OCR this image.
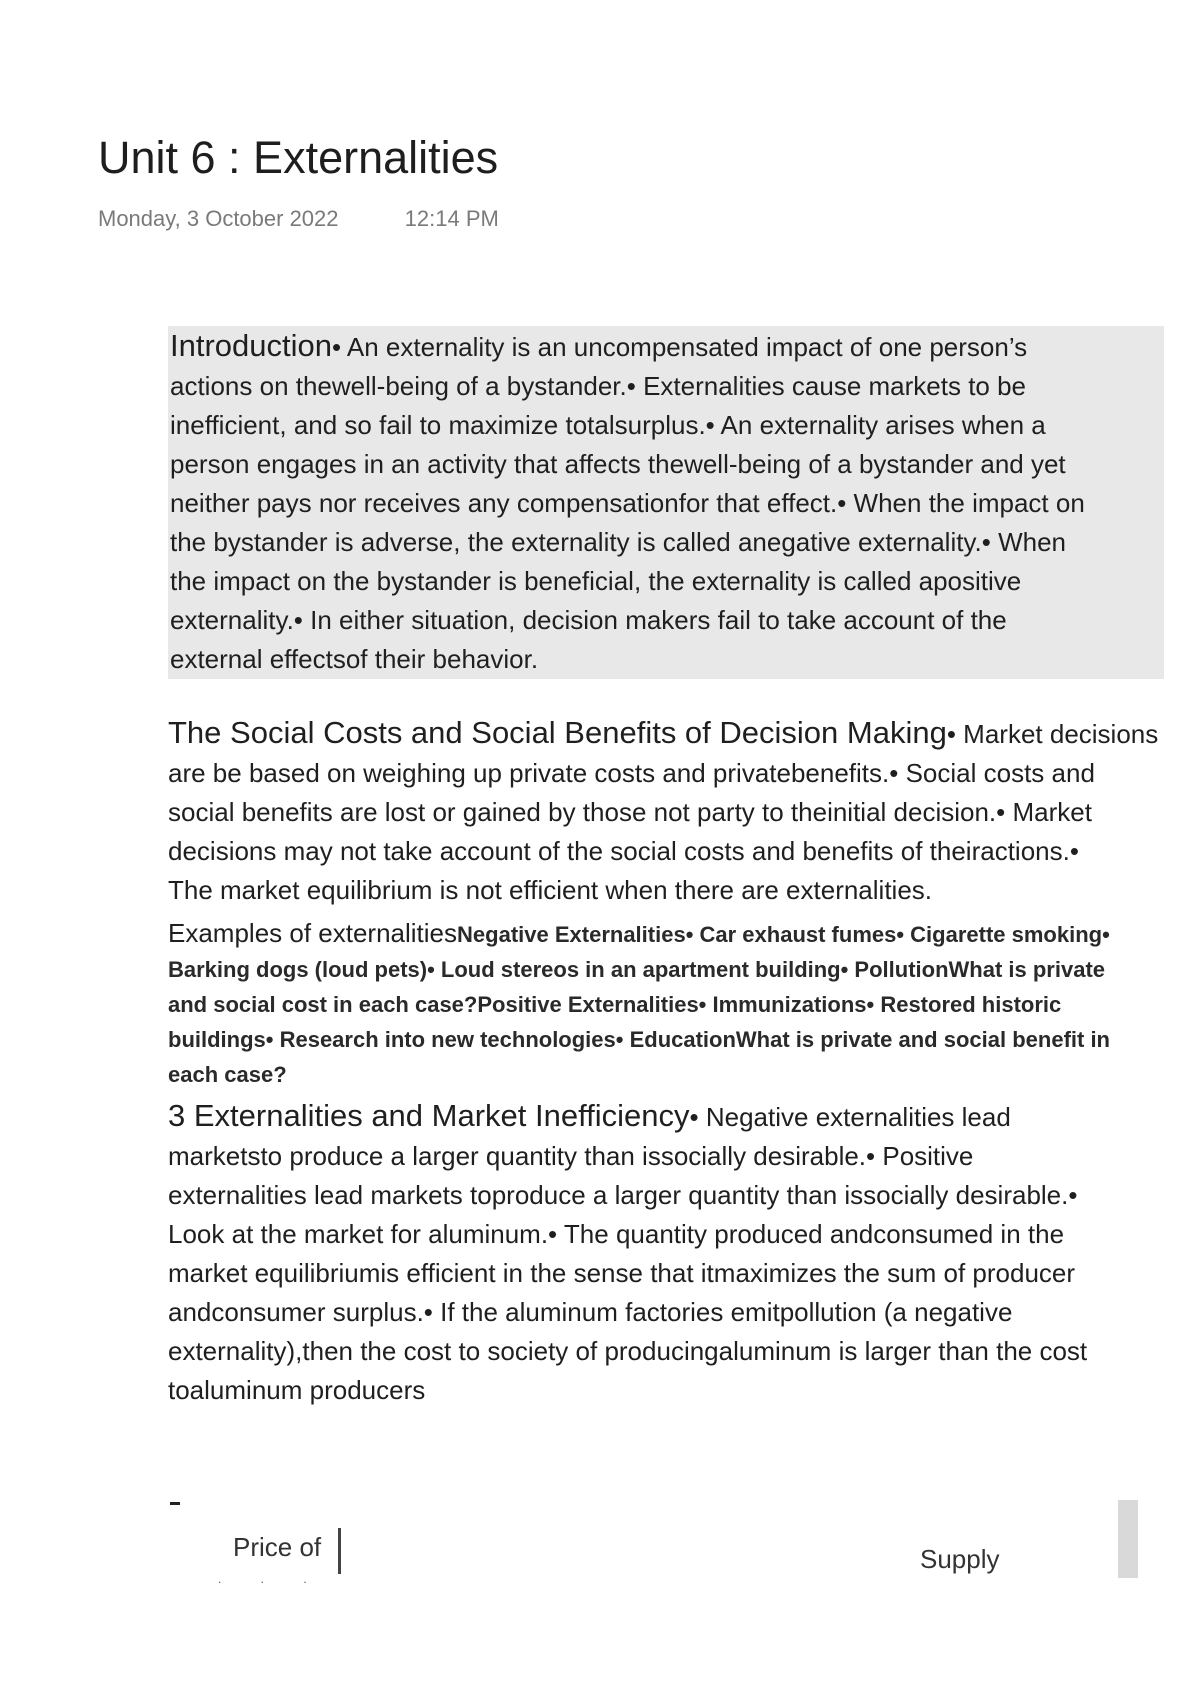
Unit 6 : Externalities
Monday, 3 October 2022	12:14 PM
Introduction• An externality is an uncompensated impact of one person’s
actions on thewell-being of a bystander.• Externalities cause markets to be
inefficient, and so fail to maximize totalsurplus.• An externality arises when a
person engages in an activity that affects thewell-being of a bystander and yet
neither pays nor receives any compensationfor that effect.• When the impact on
the bystander is adverse, the externality is called anegative externality.• When
the impact on the bystander is beneficial, the externality is called apositive
externality.• In either situation, decision makers fail to take account of the
external effectsof their behavior.
The Social Costs and Social Benefits of Decision Making• Market decisions
are be based on weighing up private costs and privatebenefits.• Social costs and
social benefits are lost or gained by those not party to theinitial decision.• Market
decisions may not take account of the social costs and benefits of theiractions.•
The market equilibrium is not efficient when there are externalities.
Examples of externalitiesNegative Externalities• Car exhaust fumes• Cigarette smoking•
Barking dogs (loud pets)• Loud stereos in an apartment building• PollutionWhat is private
and social cost in each case?Positive Externalities• Immunizations• Restored historic
buildings• Research into new technologies• EducationWhat is private and social benefit in
each case?
3 Externalities and Market Inefficiency• Negative externalities lead
marketsto produce a larger quantity than issocially desirable.• Positive
externalities lead markets toproduce a larger quantity than issocially desirable.•
Look at the market for aluminum.• The quantity produced andconsumed in the
market equilibriumis efficient in the sense that itmaximizes the sum of producer
andconsumer surplus.• If the aluminum factories emitpollution (a negative
externality),then the cost to society of producingaluminum is larger than the cost
toaluminum producers
Price of
. . .
Supply
